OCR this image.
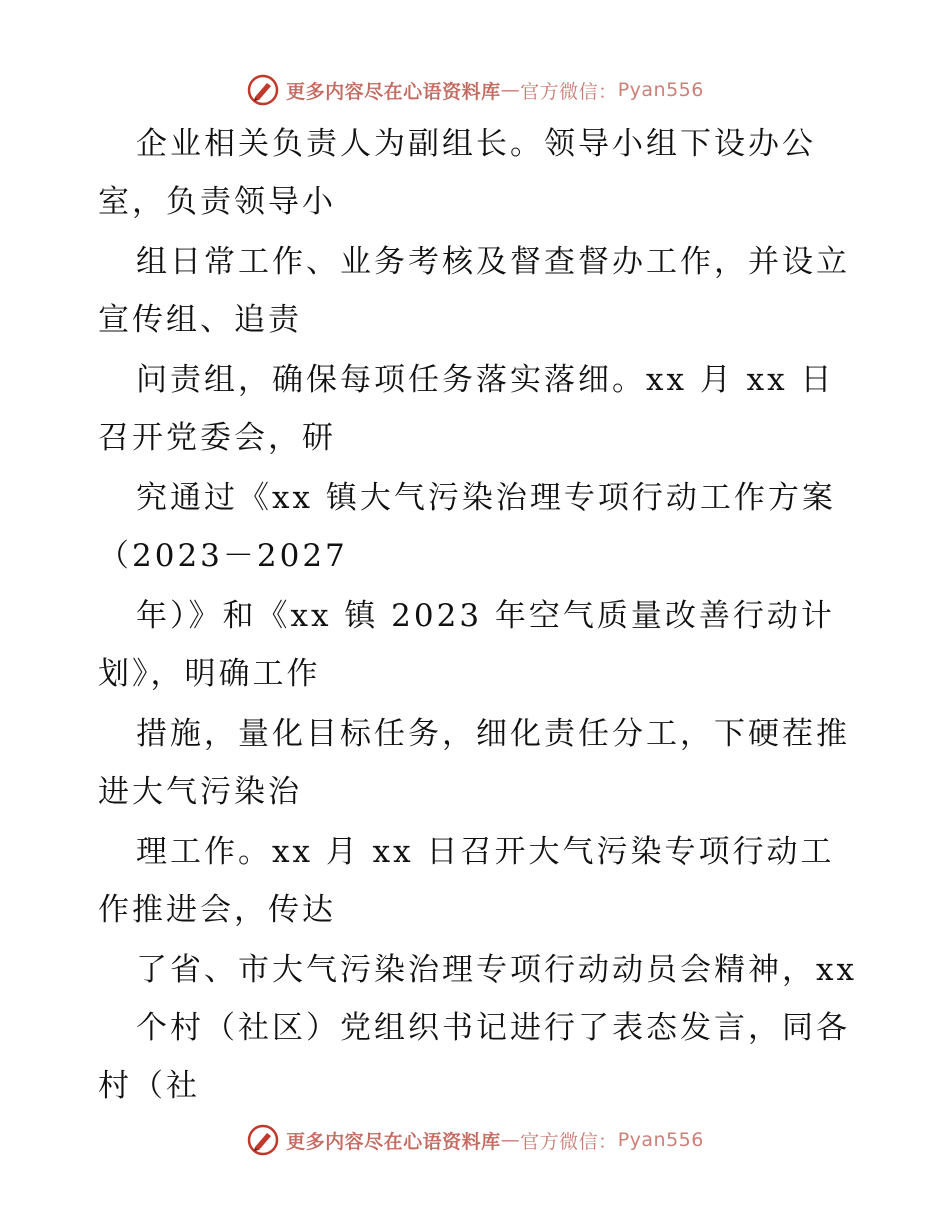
更多内容尽在心语资料库 — 官方微信： Pyan556
企业相关负责人为副组长。领导小组下设办公
室，负责领导小
组日常工作、业务考核及督查督办工作，并设立
宣传组、追责
问责组，确保每项任务落实落细。xx 月 xx 日
召开党委会，研
究通过《xx 镇大气污染治理专项行动工作方案
（2023－2027
年）》和《xx 镇 2023 年空气质量改善行动计
划》，明确工作
措施，量化目标任务，细化责任分工，下硬茬推
进大气污染治
理工作。xx 月 xx 日召开大气污染专项行动工
作推进会，传达
了省、市大气污染治理专项行动动员会精神，xx
个村（社区）党组织书记进行了表态发言，同各
村（社
更多内容尽在心语资料库 — 官方微信： Pyan556
